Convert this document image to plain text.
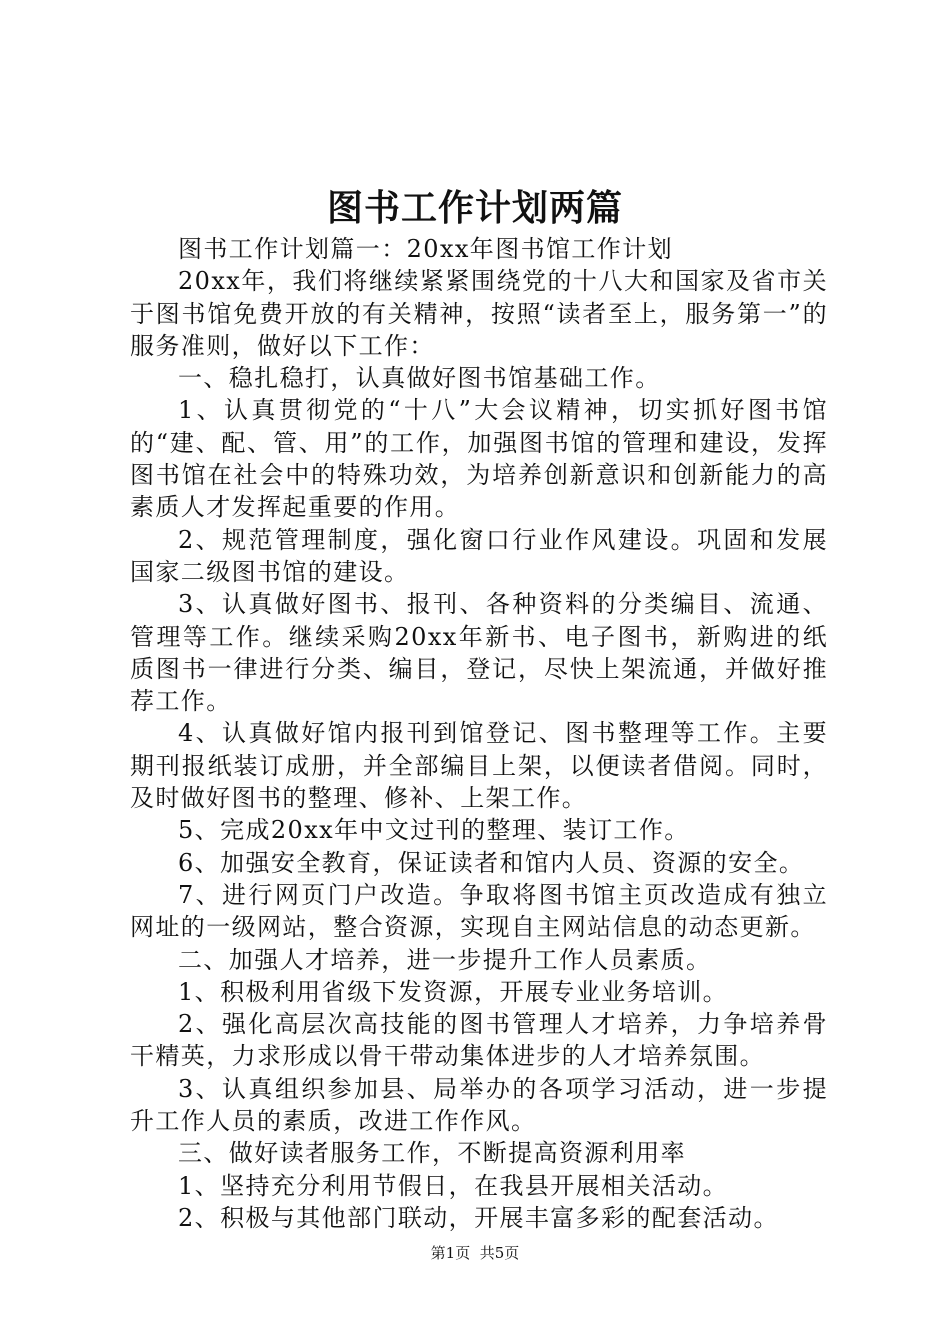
图书工作计划两篇

图书工作计划篇一：20xx年图书馆工作计划

20xx年，我们将继续紧紧围绕党的十八大和国家及省市关于图书馆免费开放的有关精神，按照“读者至上，服务第一”的服务准则，做好以下工作：

一、稳扎稳打，认真做好图书馆基础工作。

1、认真贯彻党的“十八”大会议精神，切实抓好图书馆的“建、配、管、用”的工作，加强图书馆的管理和建设，发挥图书馆在社会中的特殊功效，为培养创新意识和创新能力的高素质人才发挥起重要的作用。

2、规范管理制度，强化窗口行业作风建设。巩固和发展国家二级图书馆的建设。

3、认真做好图书、报刊、各种资料的分类编目、流通、管理等工作。继续采购20xx年新书、电子图书，新购进的纸质图书一律进行分类、编目，登记，尽快上架流通，并做好推荐工作。

4、认真做好馆内报刊到馆登记、图书整理等工作。主要期刊报纸装订成册，并全部编目上架，以便读者借阅。同时，及时做好图书的整理、修补、上架工作。

5、完成20xx年中文过刊的整理、装订工作。

6、加强安全教育，保证读者和馆内人员、资源的安全。

7、进行网页门户改造。争取将图书馆主页改造成有独立网址的一级网站，整合资源，实现自主网站信息的动态更新。

二、加强人才培养，进一步提升工作人员素质。

1、积极利用省级下发资源，开展专业业务培训。

2、强化高层次高技能的图书管理人才培养，力争培养骨干精英，力求形成以骨干带动集体进步的人才培养氛围。

3、认真组织参加县、局举办的各项学习活动，进一步提升工作人员的素质，改进工作作风。

三、做好读者服务工作，不断提高资源利用率

1、坚持充分利用节假日，在我县开展相关活动。

2、积极与其他部门联动，开展丰富多彩的配套活动。

第1页 共5页
